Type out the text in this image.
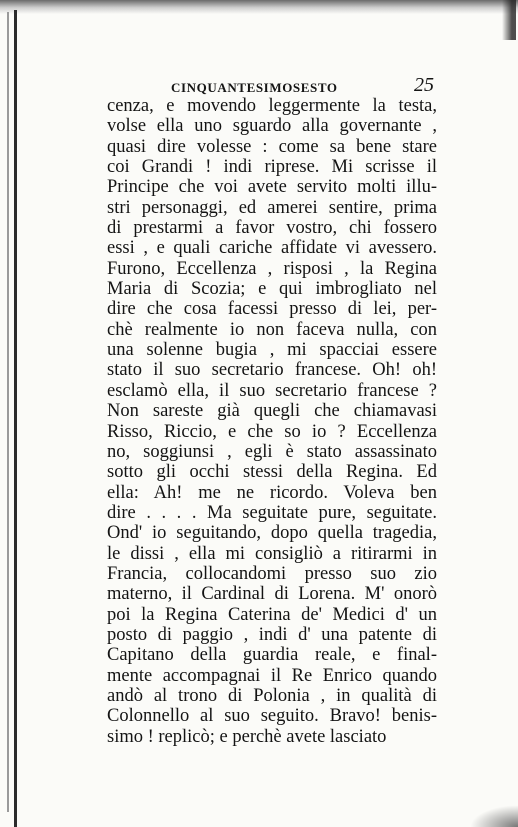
CINQUANTESIMOSESTO	25
cenza, e movendo leggermente la testa,
volse ella uno sguardo alla governante ,
quasi dire volesse : come sa bene stare
coi Grandi ! indi riprese. Mi scrisse il
Principe che voi avete servito molti illu-
stri personaggi, ed amerei sentire, prima
di prestarmi a favor vostro, chi fossero
essi , e quali cariche affidate vi avessero.
Furono, Eccellenza , risposi , la Regina
Maria di Scozia; e qui imbrogliato nel
dire che cosa facessi presso di lei, per-
chè realmente io non faceva nulla, con
una solenne bugia , mi spacciai essere
stato il suo secretario francese. Oh! oh!
esclamò ella, il suo secretario francese ?
Non sareste già quegli che chiamavasi
Risso, Riccio, e che so io ? Eccellenza
no, soggiunsi , egli è stato assassinato
sotto gli occhi stessi della Regina. Ed
ella: Ah! me ne ricordo. Voleva ben
dire . . . . Ma seguitate pure, seguitate.
Ond' io seguitando, dopo quella tragedia,
le dissi , ella mi consigliò a ritirarmi in
Francia, collocandomi presso suo zio
materno, il Cardinal di Lorena. M' onorò
poi la Regina Caterina de' Medici d' un
posto di paggio , indi d' una patente di
Capitano della guardia reale, e final-
mente accompagnai il Re Enrico quando
andò al trono di Polonia , in qualità di
Colonnello al suo seguito. Bravo! benis-
simo ! replicò; e perchè avete lasciato
